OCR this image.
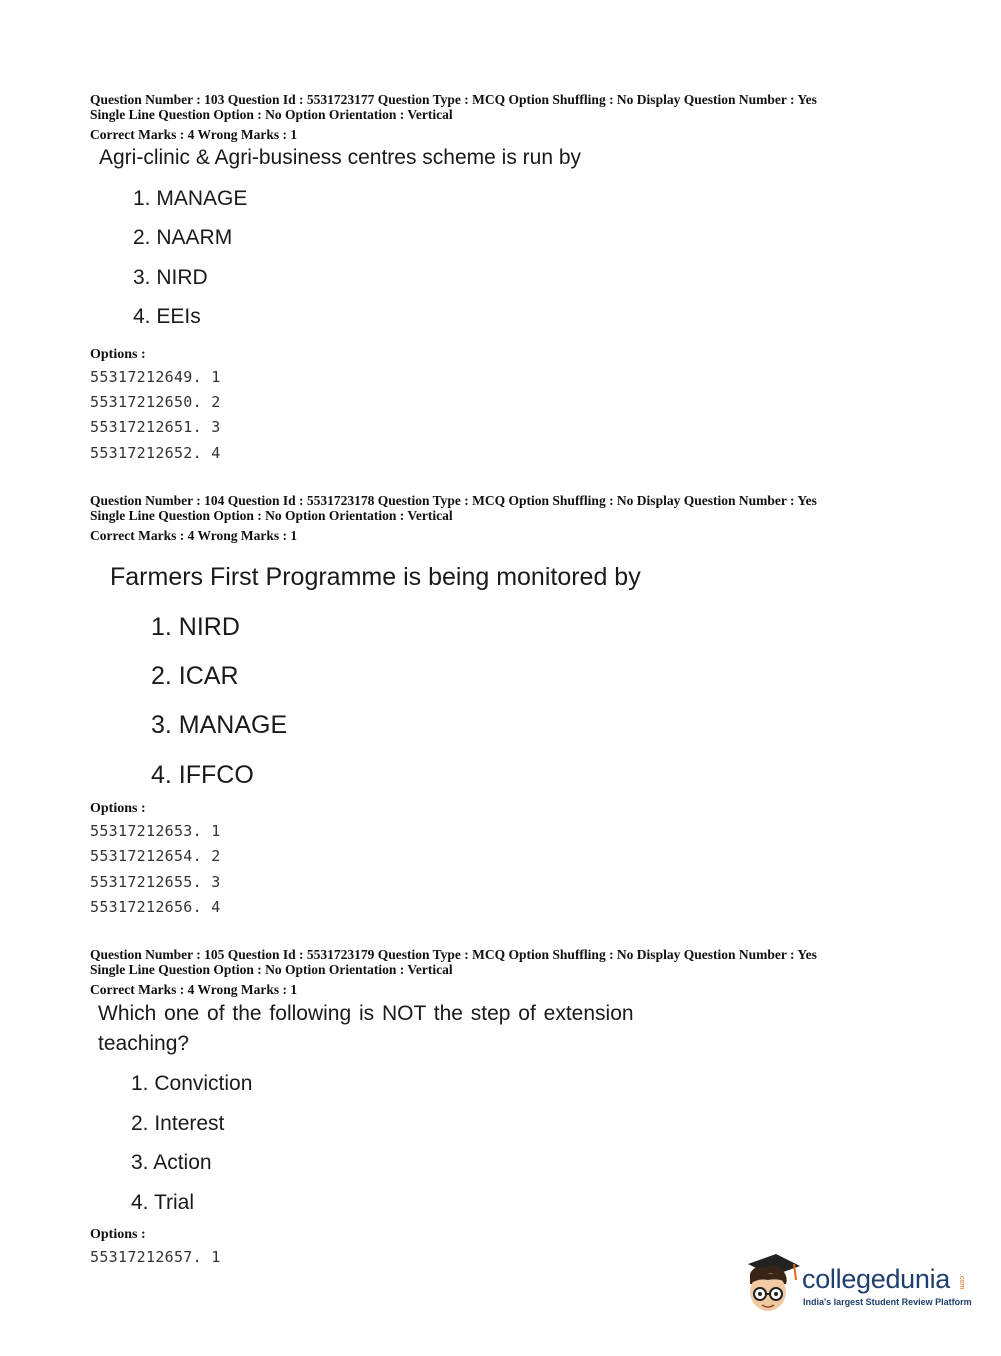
Question Number : 103 Question Id : 5531723177 Question Type : MCQ Option Shuffling : No Display Question Number : Yes

Single Line Question Option : No Option Orientation : Vertical

Correct Marks : 4 Wrong Marks : 1

Agri-clinic & Agri-business centres scheme is run by

1. MANAGE

2. NAARM

3. NIRD

4. EEIs

Options :
55317212649. 1
55317212650. 2
55317212651. 3
55317212652. 4

Question Number : 104 Question Id : 5531723178 Question Type : MCQ Option Shuffling : No Display Question Number : Yes

Single Line Question Option : No Option Orientation : Vertical

Correct Marks : 4 Wrong Marks : 1

Farmers First Programme is being monitored by

1. NIRD

2. ICAR

3. MANAGE

4. IFFCO

Options :
55317212653. 1
55317212654. 2
55317212655. 3
55317212656. 4

Question Number : 105 Question Id : 5531723179 Question Type : MCQ Option Shuffling : No Display Question Number : Yes

Single Line Question Option : No Option Orientation : Vertical

Correct Marks : 4 Wrong Marks : 1

Which one of the following is NOT the step of extension

teaching?

1. Conviction

2. Interest

3. Action

4. Trial

Options :
55317212657. 1
collegedunia .com
India's largest Student Review Platform
